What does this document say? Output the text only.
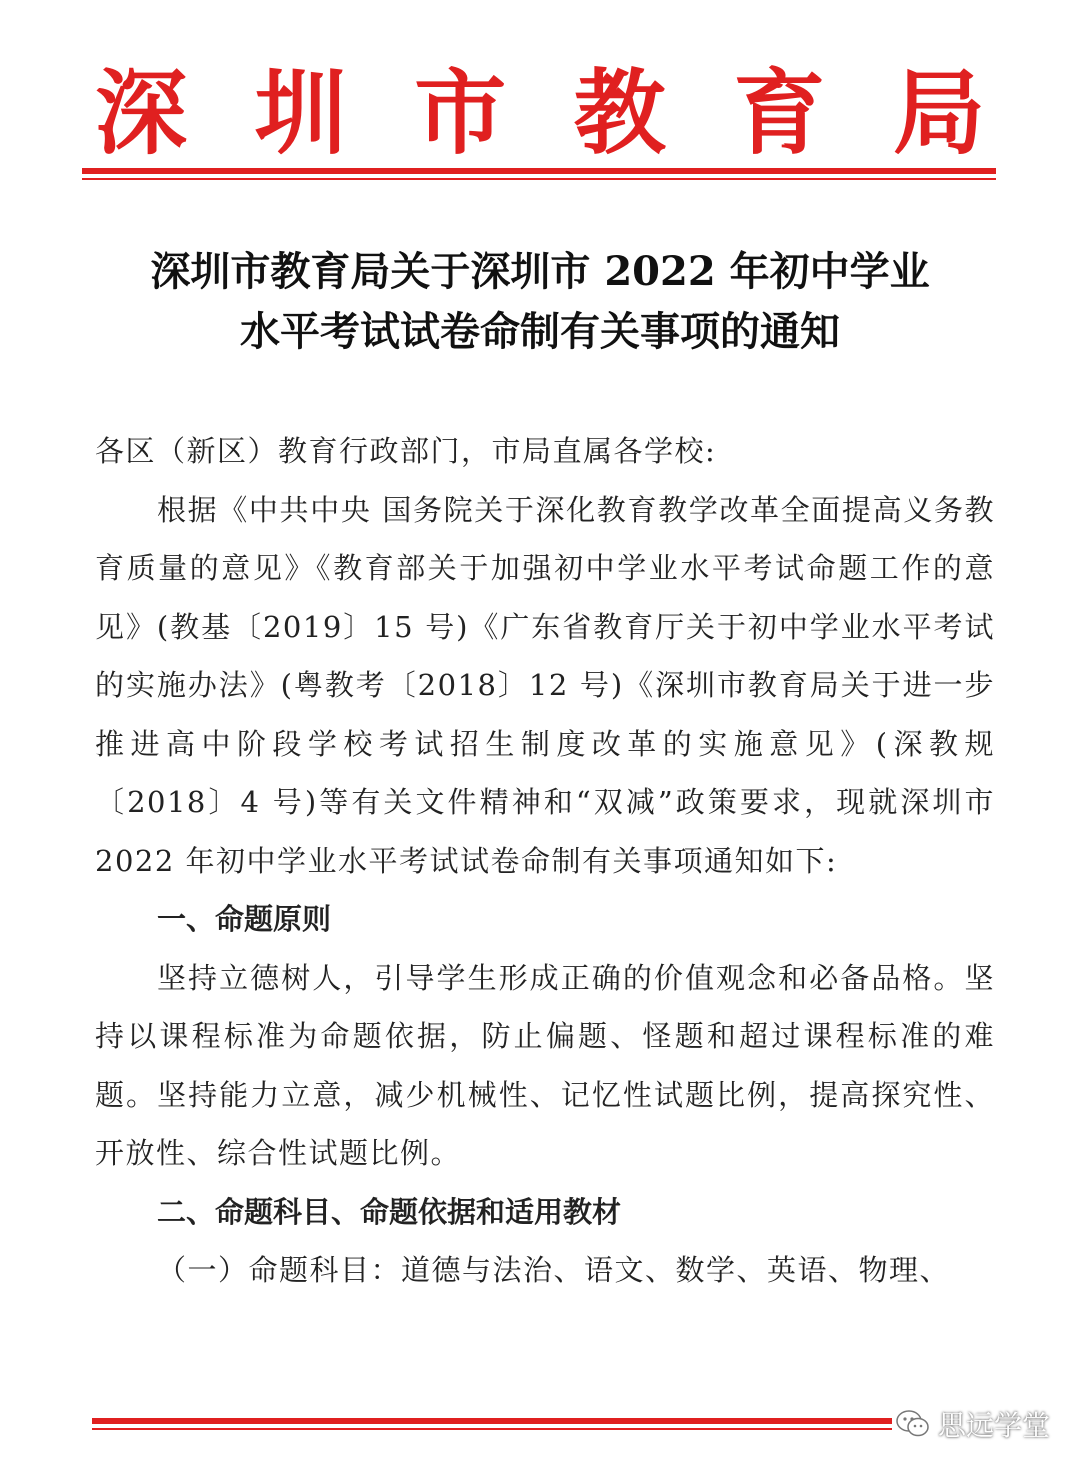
深 圳 市 教 育 局
深圳市教育局关于深圳市 2022 年初中学业
水平考试试卷命制有关事项的通知

各区（新区）教育行政部门，市局直属各学校:

根据《中共中央 国务院关于深化教育教学改革全面提高义务教育质量的意见》《教育部关于加强初中学业水平考试命题工作的意见》(教基〔2019〕15 号)《广东省教育厅关于初中学业水平考试的实施办法》(粤教考〔2018〕12 号)《深圳市教育局关于进一步推进高中阶段学校考试招生制度改革的实施意见》(深教规〔2018〕4 号)等有关文件精神和“双减”政策要求，现就深圳市 2022 年初中学业水平考试试卷命制有关事项通知如下:

一、命题原则

坚持立德树人，引导学生形成正确的价值观念和必备品格。坚持以课程标准为命题依据，防止偏题、怪题和超过课程标准的难题。坚持能力立意，减少机械性、记忆性试题比例，提高探究性、开放性、综合性试题比例。

二、命题科目、命题依据和适用教材

（一）命题科目：道德与法治、语文、数学、英语、物理、

思远学堂
